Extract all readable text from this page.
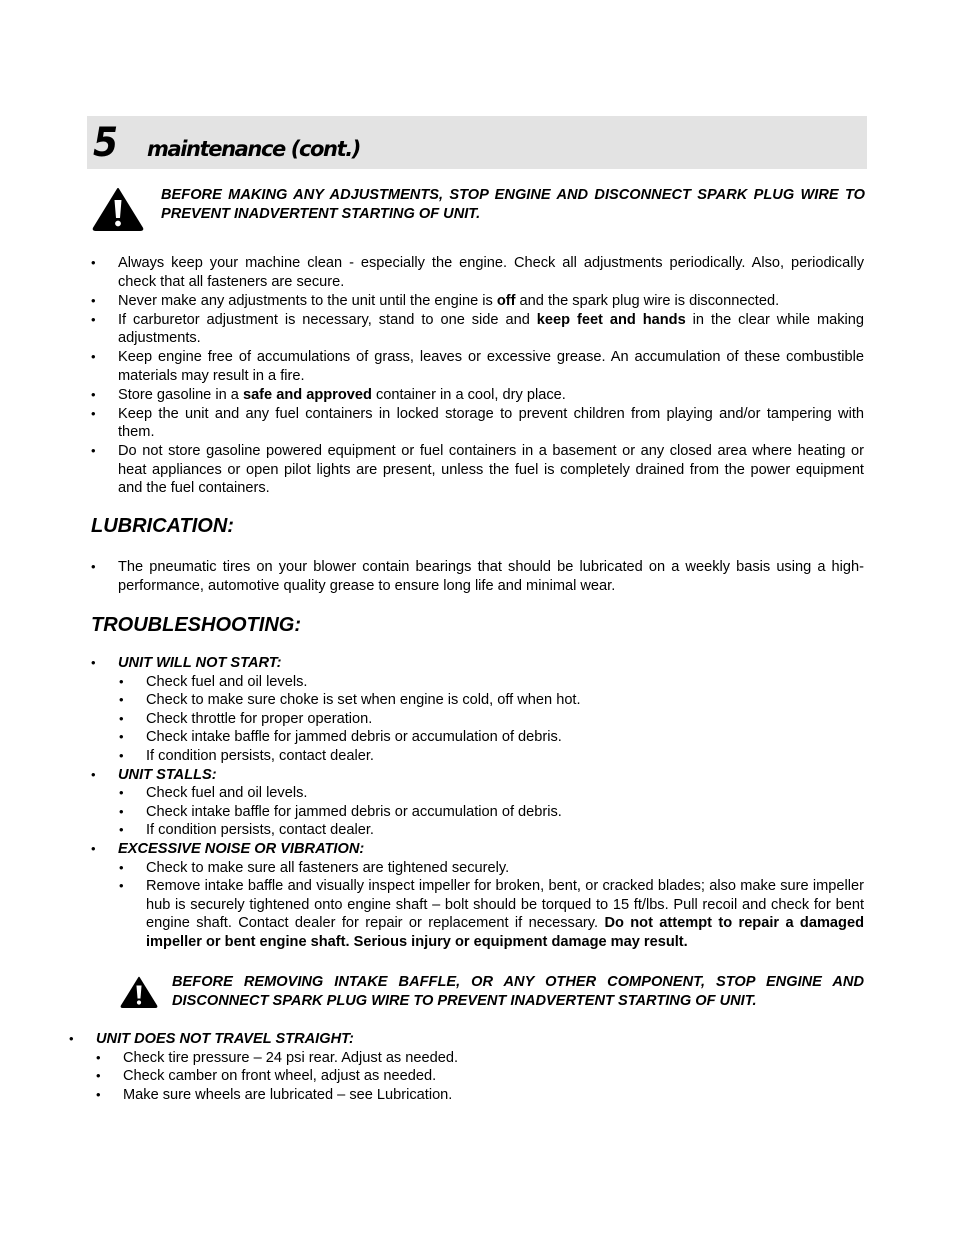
5 maintenance (cont.)
BEFORE MAKING ANY ADJUSTMENTS, STOP ENGINE AND DISCONNECT SPARK PLUG WIRE TO PREVENT INADVERTENT STARTING OF UNIT.
• Always keep your machine clean - especially the engine. Check all adjustments periodically. Also, periodically check that all fasteners are secure.
• Never make any adjustments to the unit until the engine is off and the spark plug wire is disconnected.
• If carburetor adjustment is necessary, stand to one side and keep feet and hands in the clear while making adjustments.
• Keep engine free of accumulations of grass, leaves or excessive grease. An accumulation of these combustible materials may result in a fire.
• Store gasoline in a safe and approved container in a cool, dry place.
• Keep the unit and any fuel containers in locked storage to prevent children from playing and/or tampering with them.
• Do not store gasoline powered equipment or fuel containers in a basement or any closed area where heating or heat appliances or open pilot lights are present, unless the fuel is completely drained from the power equipment and the fuel containers.
LUBRICATION:
• The pneumatic tires on your blower contain bearings that should be lubricated on a weekly basis using a high-performance, automotive quality grease to ensure long life and minimal wear.
TROUBLESHOOTING:
• UNIT WILL NOT START:
• Check fuel and oil levels.
• Check to make sure choke is set when engine is cold, off when hot.
• Check throttle for proper operation.
• Check intake baffle for jammed debris or accumulation of debris.
• If condition persists, contact dealer.
• UNIT STALLS:
• Check fuel and oil levels.
• Check intake baffle for jammed debris or accumulation of debris.
• If condition persists, contact dealer.
• EXCESSIVE NOISE OR VIBRATION:
• Check to make sure all fasteners are tightened securely.
• Remove intake baffle and visually inspect impeller for broken, bent, or cracked blades; also make sure impeller hub is securely tightened onto engine shaft – bolt should be torqued to 15 ft/lbs. Pull recoil and check for bent engine shaft. Contact dealer for repair or replacement if necessary. Do not attempt to repair a damaged impeller or bent engine shaft. Serious injury or equipment damage may result.
BEFORE REMOVING INTAKE BAFFLE, OR ANY OTHER COMPONENT, STOP ENGINE AND DISCONNECT SPARK PLUG WIRE TO PREVENT INADVERTENT STARTING OF UNIT.
• UNIT DOES NOT TRAVEL STRAIGHT:
• Check tire pressure – 24 psi rear. Adjust as needed.
• Check camber on front wheel, adjust as needed.
• Make sure wheels are lubricated – see Lubrication.
